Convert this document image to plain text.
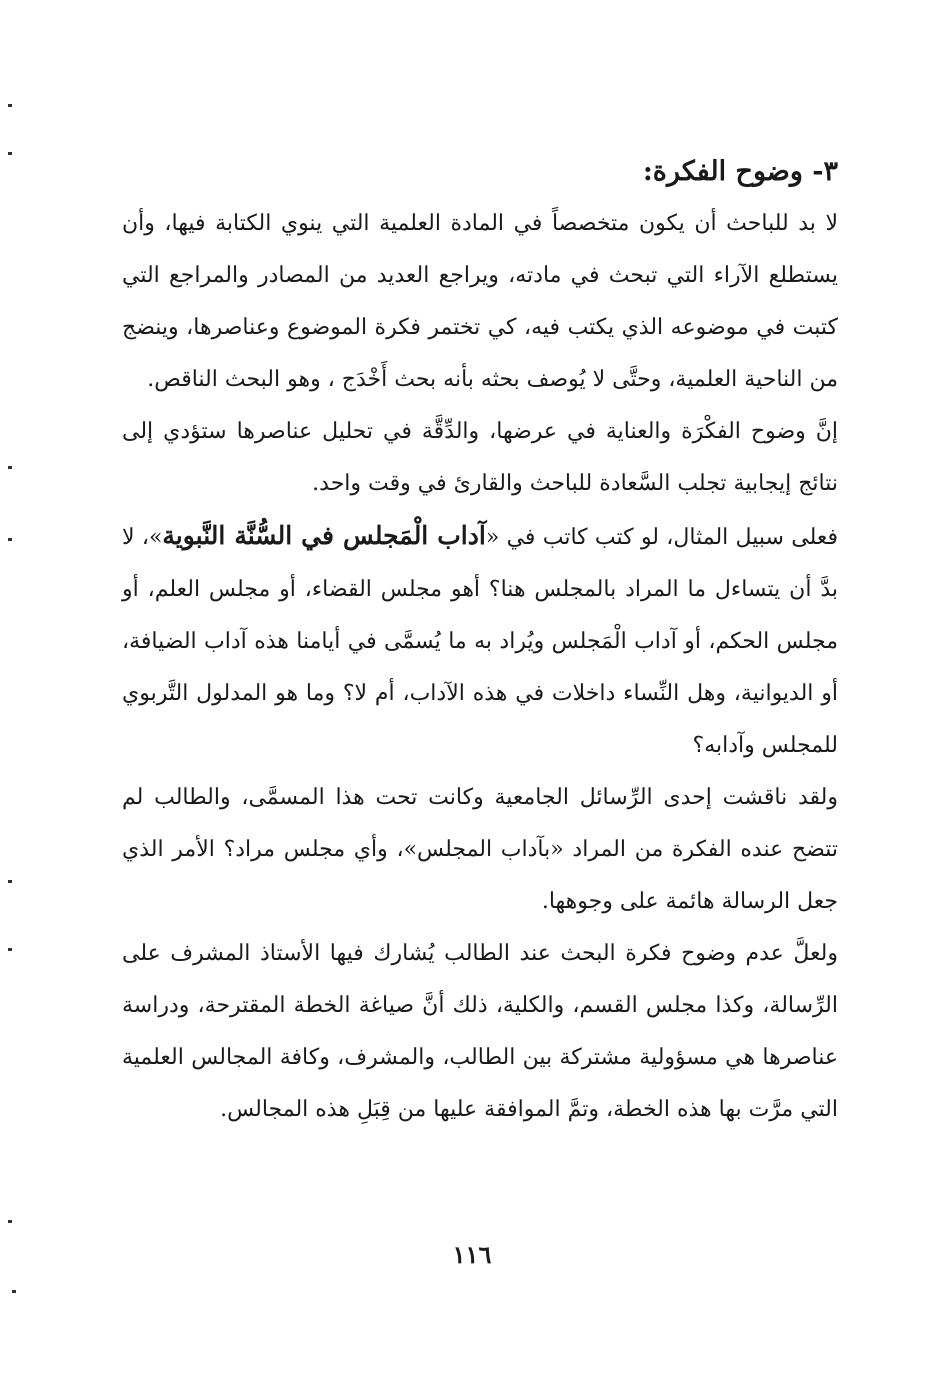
٣- وضوح الفكرة:

لا بد للباحث أن يكون متخصصاً في المادة العلمية التي ينوي الكتابة فيها، وأن يستطلع الآراء التي تبحث في مادته، ويراجع العديد من المصادر والمراجع التي كتبت في موضوعه الذي يكتب فيه، كي تختمر فكرة الموضوع وعناصرها، وينضج من الناحية العلمية، وحتَّى لا يُوصف بحثه بأنه بحث أَخْدَج ، وهو البحث الناقص.

إنَّ وضوح الفكْرَة والعناية في عرضها، والدِّقَّة في تحليل عناصرها ستؤدي إلى نتائج إيجابية تجلب السَّعادة للباحث والقارئ في وقت واحد.

فعلى سبيل المثال، لو كتب كاتب في «آداب الْمَجلس في السُّنَّة النَّبوية»، لا بدَّ أن يتساءل ما المراد بالمجلس هنا؟ أهو مجلس القضاء، أو مجلس العلم، أو مجلس الحكم، أو آداب الْمَجلس ويُراد به ما يُسمَّى في أيامنا هذه آداب الضيافة، أو الديوانية، وهل النِّساء داخلات في هذه الآداب، أم لا؟ وما هو المدلول التَّربوي للمجلس وآدابه؟

ولقد ناقشت إحدى الرِّسائل الجامعية وكانت تحت هذا المسمَّى، والطالب لم تتضح عنده الفكرة من المراد «بآداب المجلس»، وأي مجلس مراد؟ الأمر الذي جعل الرسالة هائمة على وجوهها.

ولعلَّ عدم وضوح فكرة البحث عند الطالب يُشارك فيها الأستاذ المشرف على الرِّسالة، وكذا مجلس القسم، والكلية، ذلك أنَّ صياغة الخطة المقترحة، ودراسة عناصرها هي مسؤولية مشتركة بين الطالب، والمشرف، وكافة المجالس العلمية التي مرَّت بها هذه الخطة، وتمَّ الموافقة عليها من قِبَلِ هذه المجالس.

١١٦
